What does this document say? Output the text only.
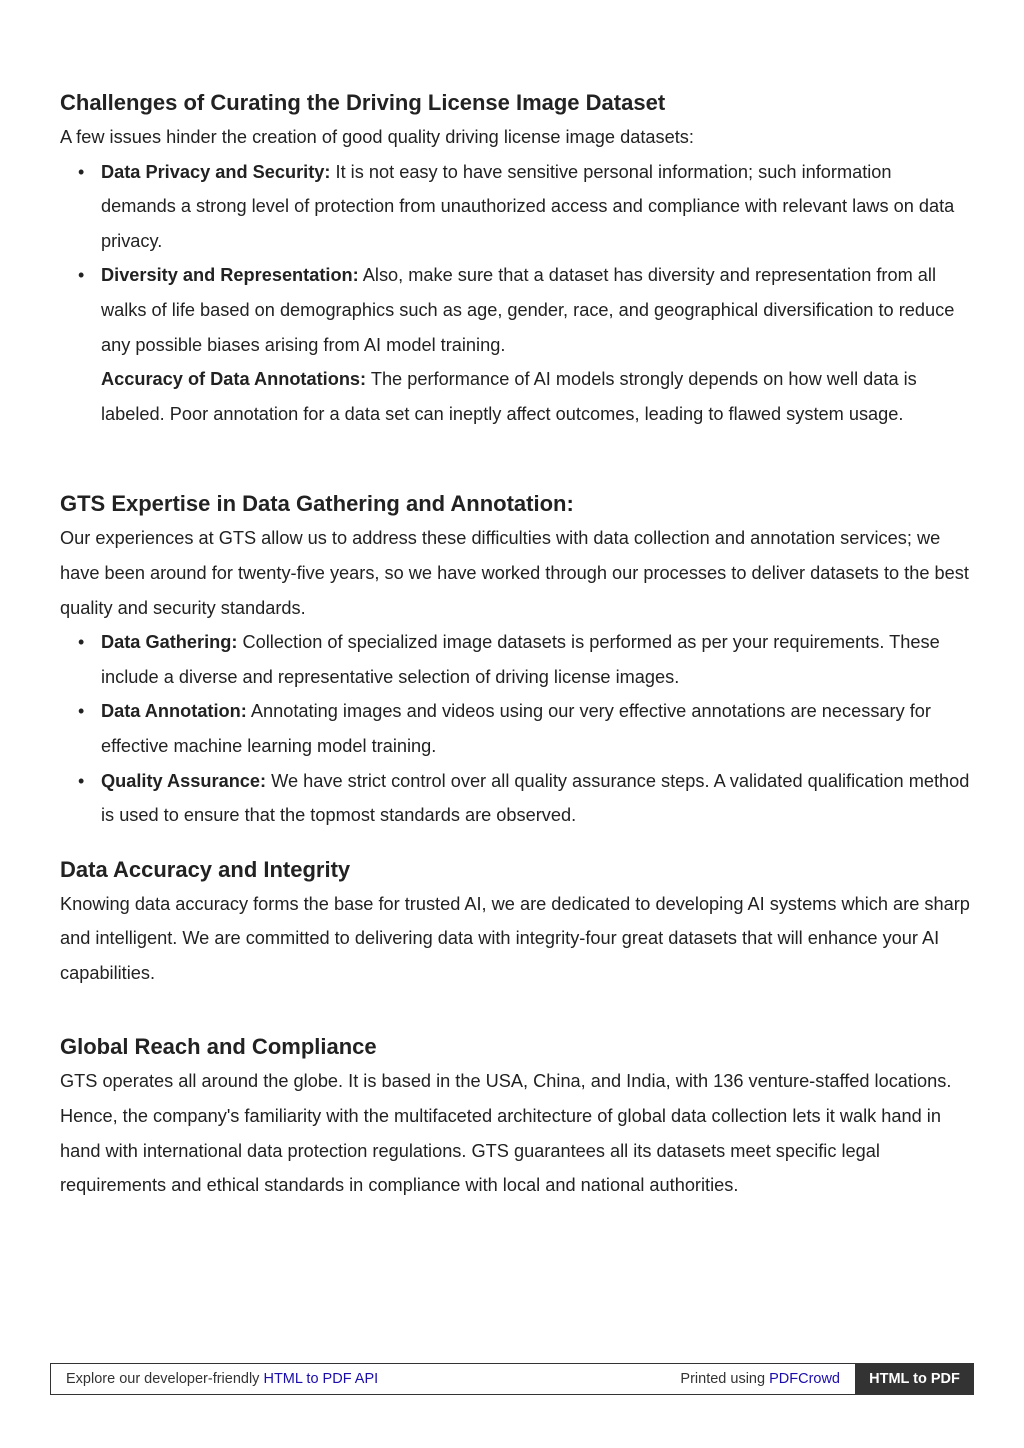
Challenges of Curating the Driving License Image Dataset

A few issues hinder the creation of good quality driving license image datasets:

• Data Privacy and Security: It is not easy to have sensitive personal information; such information demands a strong level of protection from unauthorized access and compliance with relevant laws on data privacy.
• Diversity and Representation: Also, make sure that a dataset has diversity and representation from all walks of life based on demographics such as age, gender, race, and geographical diversification to reduce any possible biases arising from AI model training.
Accuracy of Data Annotations: The performance of AI models strongly depends on how well data is labeled. Poor annotation for a data set can ineptly affect outcomes, leading to flawed system usage.
GTS Expertise in Data Gathering and Annotation:

Our experiences at GTS allow us to address these difficulties with data collection and annotation services; we have been around for twenty-five years, so we have worked through our processes to deliver datasets to the best quality and security standards.

• Data Gathering: Collection of specialized image datasets is performed as per your requirements. These include a diverse and representative selection of driving license images.
• Data Annotation: Annotating images and videos using our very effective annotations are necessary for effective machine learning model training.
• Quality Assurance: We have strict control over all quality assurance steps. A validated qualification method is used to ensure that the topmost standards are observed.
Data Accuracy and Integrity

Knowing data accuracy forms the base for trusted AI, we are dedicated to developing AI systems which are sharp and intelligent. We are committed to delivering data with integrity-four great datasets that will enhance your AI capabilities.

Global Reach and Compliance

GTS operates all around the globe. It is based in the USA, China, and India, with 136 venture-staffed locations. Hence, the company's familiarity with the multifaceted architecture of global data collection lets it walk hand in hand with international data protection regulations. GTS guarantees all its datasets meet specific legal requirements and ethical standards in compliance with local and national authorities.

Explore our developer-friendly HTML to PDF API	Printed using PDFCrowd	HTML to PDF
